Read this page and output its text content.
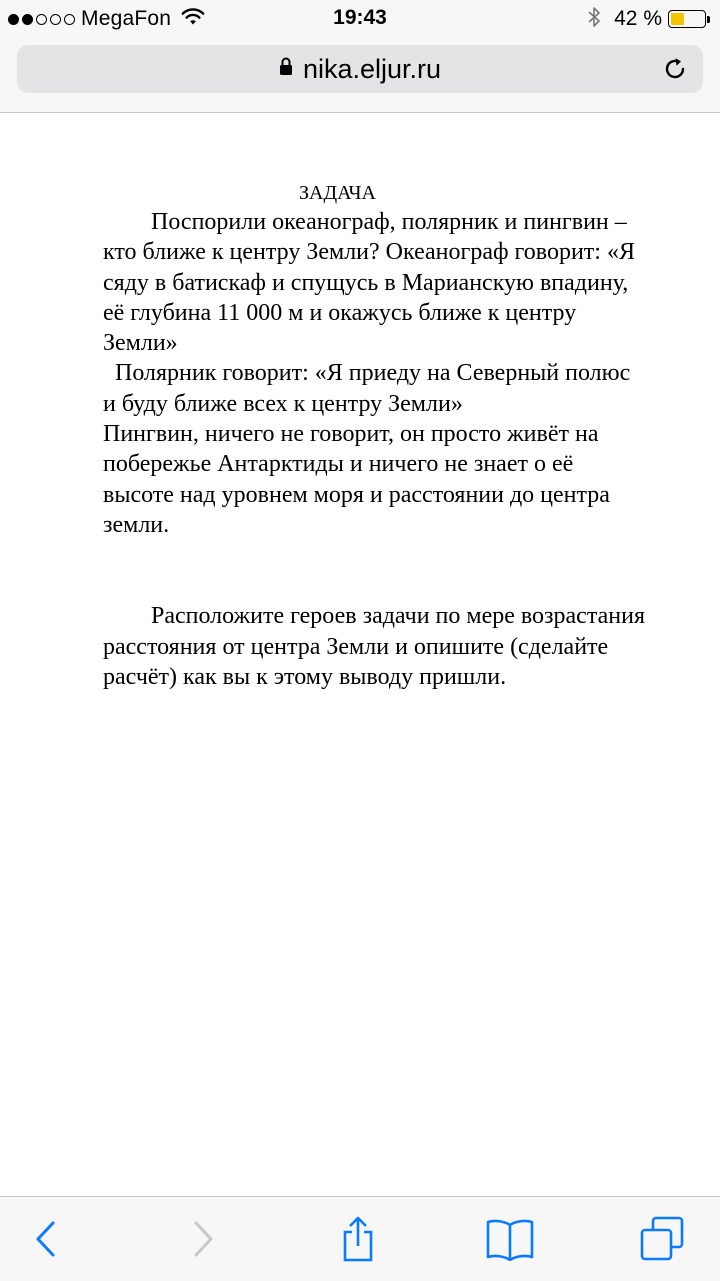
MegaFon	19:43	42 %
nika.eljur.ru
ЗАДАЧА
Поспорили океанограф, полярник и пингвин –
кто ближе к центру Земли? Океанограф говорит: «Я
сяду в батискаф и спущусь в Марианскую впадину,
её глубина 11 000 м и окажусь ближе к центру
Земли»
Полярник говорит: «Я приеду на Северный полюс
и буду ближе всех к центру Земли»
Пингвин, ничего не говорит, он просто живёт на
побережье Антарктиды и ничего не знает о её
высоте над уровнем моря и расстоянии до центра
земли.
Расположите героев задачи по мере возрастания
расстояния от центра Земли и опишите (сделайте
расчёт) как вы к этому выводу пришли.
